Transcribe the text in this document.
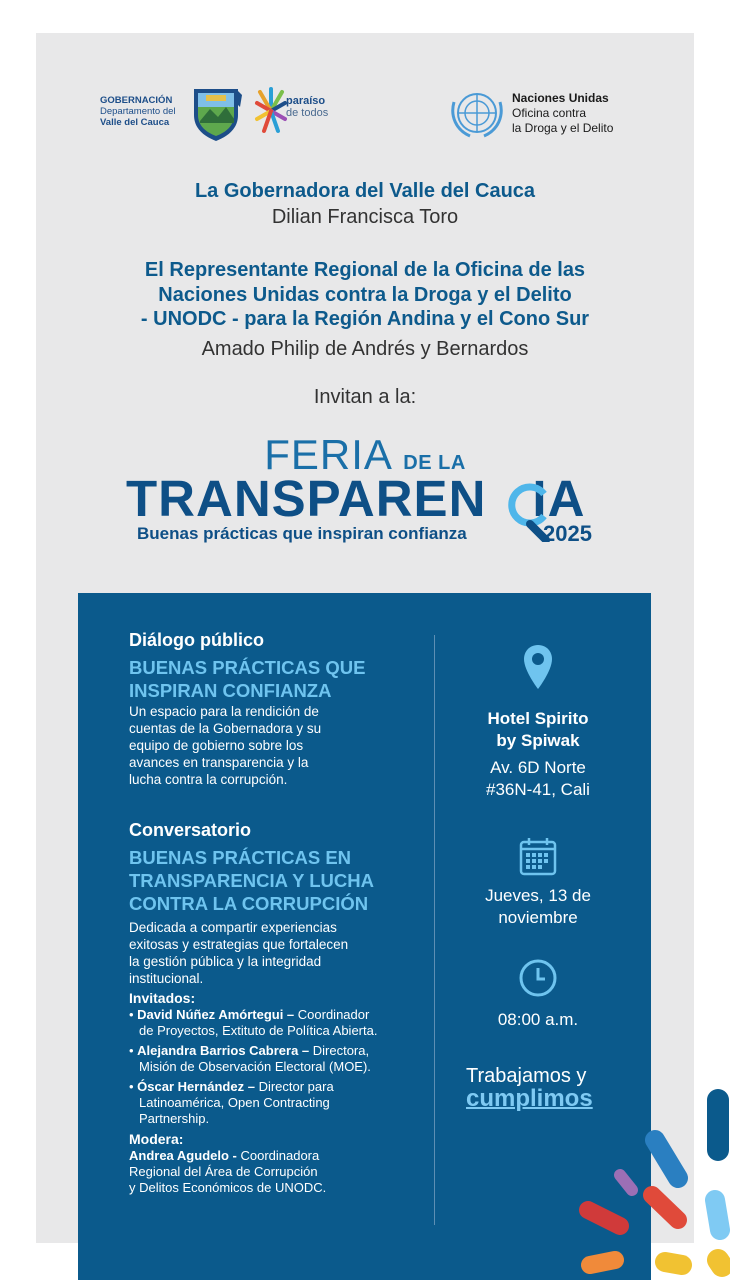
GOBERNACIÓN
Departamento del
Valle del Cauca
paraíso
de todos
Naciones Unidas
Oficina contra
la Droga y el Delito
La Gobernadora del Valle del Cauca
Dilian Francisca Toro
El Representante Regional de la Oficina de las
Naciones Unidas contra la Droga y el Delito
- UNODC - para la Región Andina y el Cono Sur
Amado Philip de Andrés y Bernardos
Invitan a la:
FERIA DE LA
TRANSPAREN IA
Buenas prácticas que inspiran confianza	2025
Diálogo público
BUENAS PRÁCTICAS QUE
INSPIRAN CONFIANZA
Un espacio para la rendición de
cuentas de la Gobernadora y su
equipo de gobierno sobre los
avances en transparencia y la
lucha contra la corrupción.
Conversatorio
BUENAS PRÁCTICAS EN
TRANSPARENCIA Y LUCHA
CONTRA LA CORRUPCIÓN
Dedicada a compartir experiencias
exitosas y estrategias que fortalecen
la gestión pública y la integridad
institucional.
Invitados:
• David Núñez Amórtegui – Coordinador
de Proyectos, Extituto de Política Abierta.
• Alejandra Barrios Cabrera – Directora,
Misión de Observación Electoral (MOE).
• Óscar Hernández – Director para
Latinoamérica, Open Contracting
Partnership.
Modera:
Andrea Agudelo - Coordinadora
Regional del Área de Corrupción
y Delitos Económicos de UNODC.
Hotel Spirito
by Spiwak
Av. 6D Norte
#36N-41, Cali
Jueves, 13 de
noviembre
08:00 a.m.
Trabajamos y
cumplimos
